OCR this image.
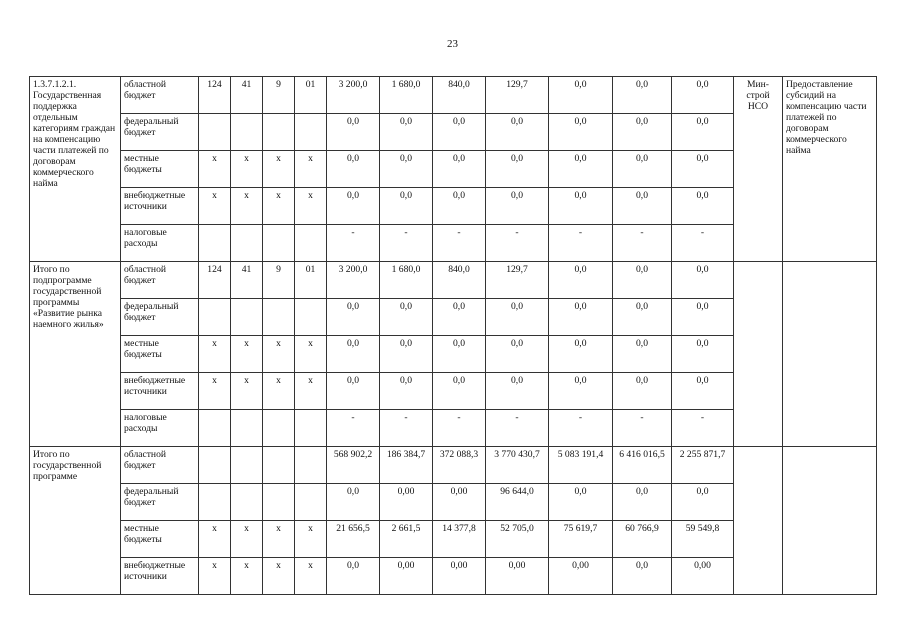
23
1.3.7.1.2.1. Государственная поддержка отдельным категориям граждан на компенсацию части платежей по договорам коммерческого найма	областной бюджет	124	41	9	01	3 200,0	1 680,0	840,0	129,7	0,0	0,0	0,0	Мин-строй НСО	Предоставление субсидий на компенсацию части платежей по договорам коммерческого найма
	федеральный бюджет					0,0	0,0	0,0	0,0	0,0	0,0	0,0		
	местные бюджеты	x	x	x	x	0,0	0,0	0,0	0,0	0,0	0,0	0,0		
	внебюджетные источники	x	x	x	x	0,0	0,0	0,0	0,0	0,0	0,0	0,0		
	налоговые расходы					-	-	-	-	-	-	-		
Итого по подпрограмме государственной программы «Развитие рынка наемного жилья»	областной бюджет	124	41	9	01	3 200,0	1 680,0	840,0	129,7	0,0	0,0	0,0		
	федеральный бюджет					0,0	0,0	0,0	0,0	0,0	0,0	0,0		
	местные бюджеты	x	x	x	x	0,0	0,0	0,0	0,0	0,0	0,0	0,0		
	внебюджетные источники	x	x	x	x	0,0	0,0	0,0	0,0	0,0	0,0	0,0		
	налоговые расходы					-	-	-	-	-	-	-		
Итого по государственной программе	областной бюджет					568 902,2	186 384,7	372 088,3	3 770 430,7	5 083 191,4	6 416 016,5	2 255 871,7		
	федеральный бюджет					0,0	0,00	0,00	96 644,0	0,0	0,0	0,0		
	местные бюджеты	x	x	x	x	21 656,5	2 661,5	14 377,8	52 705,0	75 619,7	60 766,9	59 549,8		
	внебюджетные источники	x	x	x	x	0,0	0,00	0,00	0,00	0,00	0,0	0,00		
